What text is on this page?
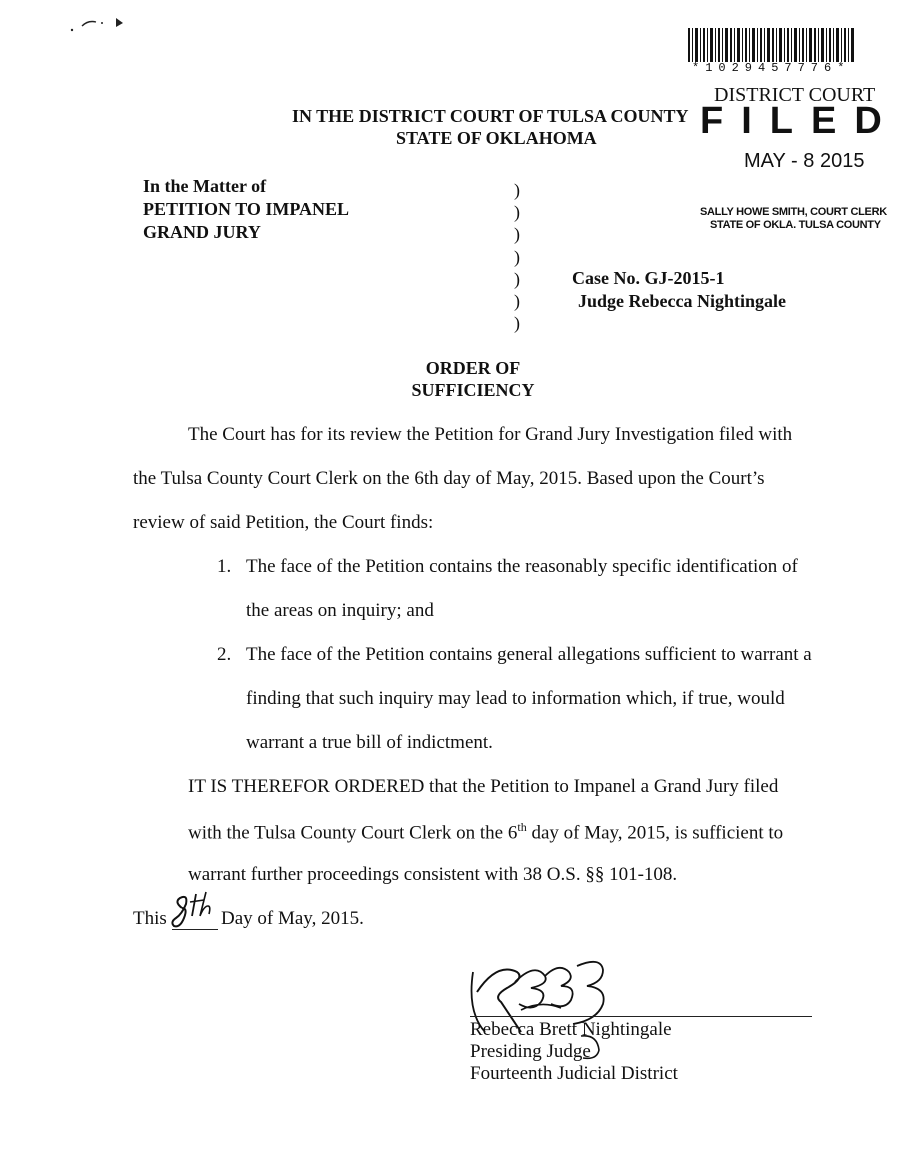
*1029457776*
IN THE DISTRICT COURT OF TULSA COUNTY
STATE OF OKLAHOMA
DISTRICT COURT
FILED
MAY - 8 2015
SALLY HOWE SMITH, COURT CLERK
STATE OF OKLA. TULSA COUNTY
In the Matter of
PETITION TO IMPANEL
GRAND JURY
)
)
)
)
)
)
)
Case No. GJ-2015-1
Judge Rebecca Nightingale
ORDER OF
SUFFICIENCY
The Court has for its review the Petition for Grand Jury Investigation filed with
the Tulsa County Court Clerk on the 6th day of May, 2015. Based upon the Court’s
review of said Petition, the Court finds:
1. The face of the Petition contains the reasonably specific identification of
the areas on inquiry; and
2. The face of the Petition contains general allegations sufficient to warrant a
finding that such inquiry may lead to information which, if true, would
warrant a true bill of indictment.
IT IS THEREFOR ORDERED that the Petition to Impanel a Grand Jury filed
with the Tulsa County Court Clerk on the 6th day of May, 2015, is sufficient to
warrant further proceedings consistent with 38 O.S. §§ 101-108.
This	Day of May, 2015.
Rebecca Brett Nightingale
Presiding Judge
Fourteenth Judicial District
